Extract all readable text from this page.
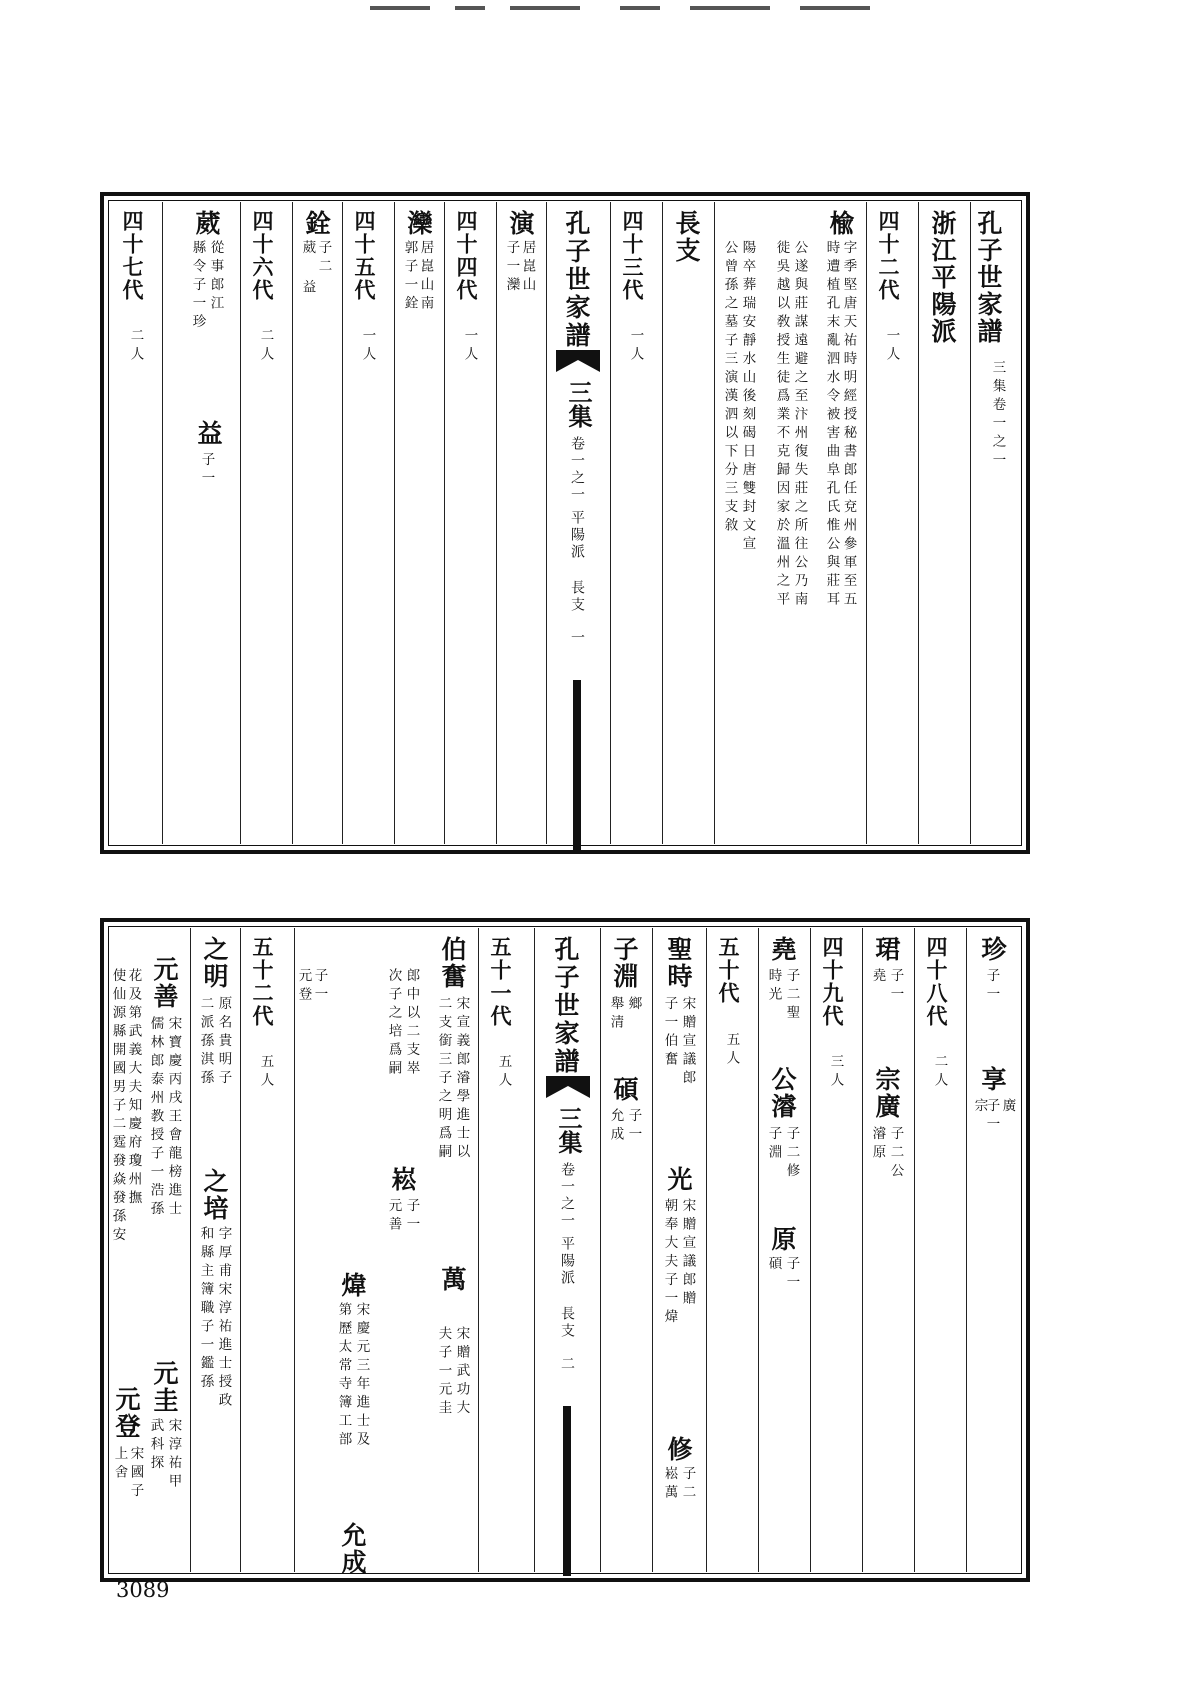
孔子世家譜
三集卷一之一
浙江平陽派
四十二代
一人
楡
字季堅唐天祐時明經授秘書郎任兗州參軍至五
時遭植孔末亂泗水令被害曲阜孔氏惟公與莊耳
公遂與莊謀遠避之至汴州復失莊之所往公乃南
徙吳越以敎授生徒爲業不克歸因家於溫州之平
陽卒葬瑞安靜水山後刻碣日唐雙封文宣
公曾孫之墓子三演漢泗以下分三支敘
長支
四十三代
一人
孔子世家譜
三集
卷一之一
平陽派 長支
一
演
居崑山
子一灤
四十四代
一人
灤
居崑山南
郭子一銓
四十五代
一人
銓
子二
葳 益
四十六代
二人
葳
從事郎江
縣令子一珍
益
子一
四十七代
二人
珍
子一
享
子一
宗 廣
四十八代
二人
珺
子一
堯
宗廣
子二公
濬原
四十九代
三人
堯
子二聖
時光
公濬
子二修
子淵
原
子一
碩
五十代
五人
聖時
宋贈宣議郎
子一伯奮
光
宋贈宣議郎贈
朝奉大夫子一煒
修
子二
崧萬
子淵
鄉
舉清
碩
子一
允成
孔子世家譜
三集
卷一之一
平陽派 長支
二
五十一代
五人
伯奮
宋宣義郎濬學進士以
二支銜三子之明爲嗣
郎中以二支崒
次子之培爲嗣
崧
子一
元善
萬
宋贈武功大
夫子一元圭
煒
宋慶元三年進士及
第歷太常寺簿工部
允成
子一
元登
五十二代
五人
之明
原名貴明子
二派孫淇孫
之培
字厚甫宋淳祐進士授政
和縣主簿職子一鑑孫
元善
宋寶慶丙戌王會龍榜進士
儒林郎泰州教授子一浩孫
元圭
宋淳祐甲
武科探
花及第武義大夫知慶府瓊州撫
使仙源縣開國男子二霆發焱發孫安
元登
宋國子
上舍
3089
